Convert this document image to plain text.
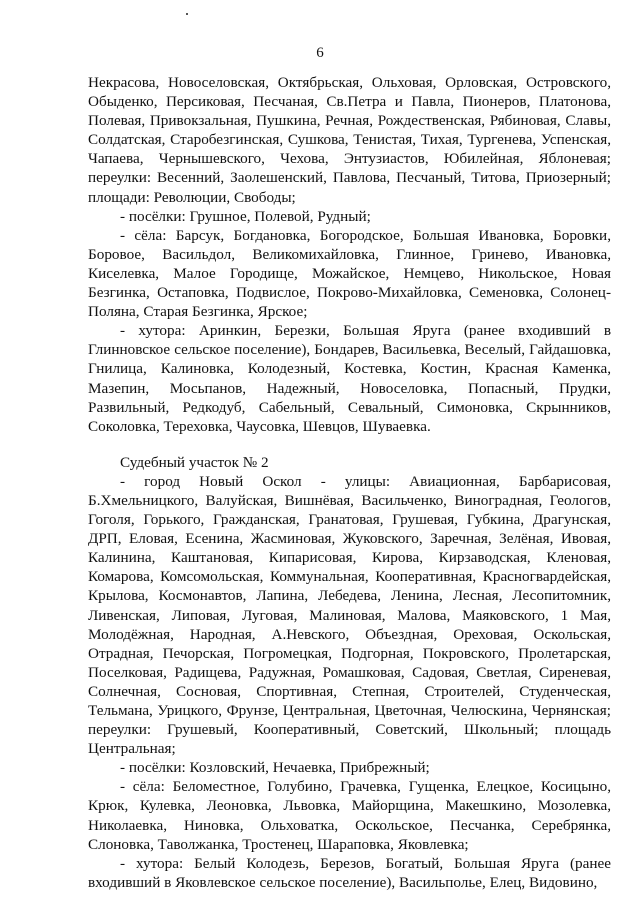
6

Некрасова, Новоселовская, Октябрьская, Ольховая, Орловская, Островского, Обыденко, Персиковая, Песчаная, Св.Петра и Павла, Пионеров, Платонова, Полевая, Привокзальная, Пушкина, Речная, Рождественская, Рябиновая, Славы, Солдатская, Старобезгинская, Сушкова, Тенистая, Тихая, Тургенева, Успенская, Чапаева, Чернышевского, Чехова, Энтузиастов, Юбилейная, Яблоневая; переулки: Весенний, Заолешенский, Павлова, Песчаный, Титова, Приозерный; площади: Революции, Свободы;

- посёлки: Грушное, Полевой, Рудный;

- сёла: Барсук, Богдановка, Богородское, Большая Ивановка, Боровки, Боровое, Васильдол, Великомихайловка, Глинное, Гринево, Ивановка, Киселевка, Малое Городище, Можайское, Немцево, Никольское, Новая Безгинка, Остаповка, Подвислое, Покрово-Михайловка, Семеновка, Солонец-Поляна, Старая Безгинка, Ярское;

- хутора: Аринкин, Березки, Большая Яруга (ранее входивший в Глинновское сельское поселение), Бондарев, Васильевка, Веселый, Гайдашовка, Гнилица, Калиновка, Колодезный, Костевка, Костин, Красная Каменка, Мазепин, Мосьпанов, Надежный, Новоселовка, Попасный, Прудки, Развильный, Редкодуб, Сабельный, Севальный, Симоновка, Скрынников, Соколовка, Тереховка, Чаусовка, Шевцов, Шуваевка.

Судебный участок № 2

- город Новый Оскол - улицы: Авиационная, Барбарисовая, Б.Хмельницкого, Валуйская, Вишнёвая, Васильченко, Виноградная, Геологов, Гоголя, Горького, Гражданская, Гранатовая, Грушевая, Губкина, Драгунская, ДРП, Еловая, Есенина, Жасминовая, Жуковского, Заречная, Зелёная, Ивовая, Калинина, Каштановая, Кипарисовая, Кирова, Кирзаводская, Кленовая, Комарова, Комсомольская, Коммунальная, Кооперативная, Красногвардейская, Крылова, Космонавтов, Лапина, Лебедева, Ленина, Лесная, Лесопитомник, Ливенская, Липовая, Луговая, Малиновая, Малова, Маяковского, 1 Мая, Молодёжная, Народная, А.Невского, Объездная, Ореховая, Оскольская, Отрадная, Печорская, Погромецкая, Подгорная, Покровского, Пролетарская, Поселковая, Радищева, Радужная, Ромашковая, Садовая, Светлая, Сиреневая, Солнечная, Сосновая, Спортивная, Степная, Строителей, Студенческая, Тельмана, Урицкого, Фрунзе, Центральная, Цветочная, Челюскина, Чернянская; переулки: Грушевый, Кооперативный, Советский, Школьный; площадь Центральная;

- посёлки: Козловский, Нечаевка, Прибрежный;

- сёла: Беломестное, Голубино, Грачевка, Гущенка, Елецкое, Косицыно, Крюк, Кулевка, Леоновка, Львовка, Майорщина, Макешкино, Мозолевка, Николаевка, Ниновка, Ольховатка, Оскольское, Песчанка, Серебрянка, Слоновка, Таволжанка, Тростенец, Шараповка, Яковлевка;

- хутора: Белый Колодезь, Березов, Богатый, Большая Яруга (ранее входивший в Яковлевское сельское поселение), Васильполье, Елец, Видовино,
